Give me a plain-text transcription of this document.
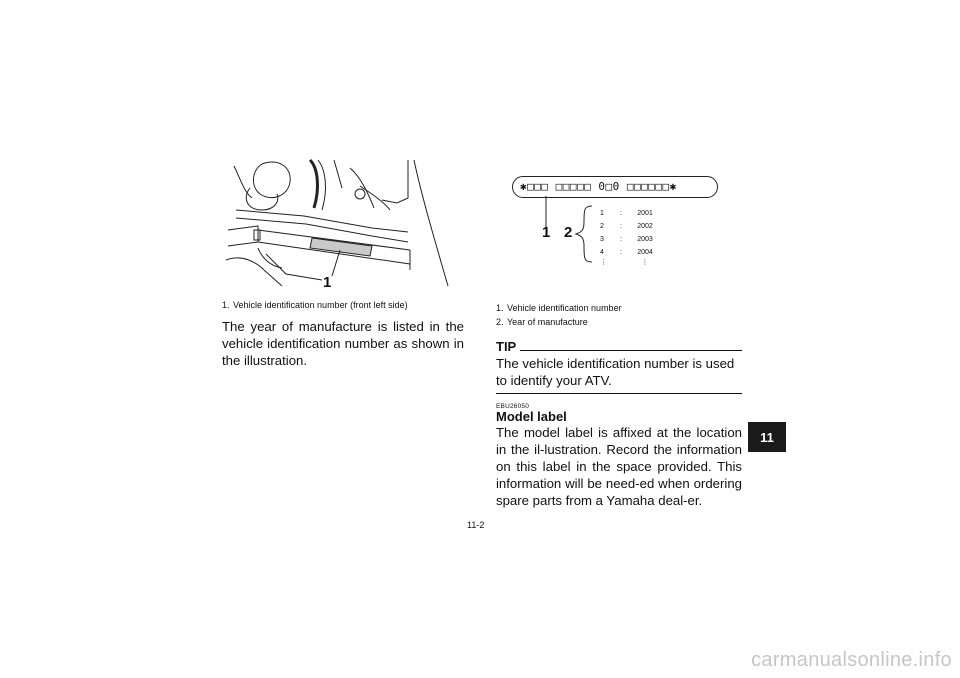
1
1. Vehicle identification number (front left side)
The year of manufacture is listed in the vehicle identification number as shown in the illustration.
✱□□□ □□□□□ 0□0 □□□□□□✱
1 2
1	:	2001
2	:	2002
3	:	2003
4	:	2004
⋮	⋮
1. Vehicle identification number
2. Year of manufacture
TIP
The vehicle identification number is used to identify your ATV.
EBU26050
Model label
The model label is affixed at the location in the il-lustration. Record the information on this label in the space provided. This information will be need-ed when ordering spare parts from a Yamaha deal-er.
11
11-2
carmanualsonline.info
